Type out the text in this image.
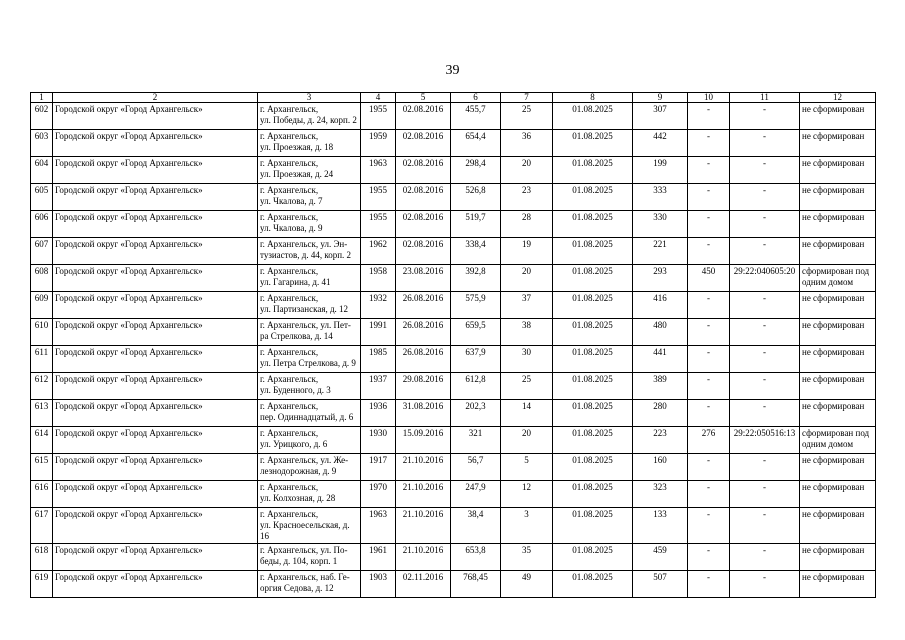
39
1	2	3	4	5	6	7	8	9	10	11	12
602	Городской округ «Город Архангельск»	г. Архангельск,
ул. Победы, д. 24, корп. 2	1955	02.08.2016	455,7	25	01.08.2025	307	-	-	не сформирован
603	Городской округ «Город Архангельск»	г. Архангельск,
ул. Проезжая, д. 18	1959	02.08.2016	654,4	36	01.08.2025	442	-	-	не сформирован
604	Городской округ «Город Архангельск»	г. Архангельск,
ул. Проезжая, д. 24	1963	02.08.2016	298,4	20	01.08.2025	199	-	-	не сформирован
605	Городской округ «Город Архангельск»	г. Архангельск,
ул. Чкалова, д. 7	1955	02.08.2016	526,8	23	01.08.2025	333	-	-	не сформирован
606	Городской округ «Город Архангельск»	г. Архангельск,
ул. Чкалова, д. 9	1955	02.08.2016	519,7	28	01.08.2025	330	-	-	не сформирован
607	Городской округ «Город Архангельск»	г. Архангельск, ул. Эн-
тузиастов, д. 44, корп. 2	1962	02.08.2016	338,4	19	01.08.2025	221	-	-	не сформирован
608	Городской округ «Город Архангельск»	г. Архангельск,
ул. Гагарина, д. 41	1958	23.08.2016	392,8	20	01.08.2025	293	450	29:22:040605:20	сформирован под
одним домом
609	Городской округ «Город Архангельск»	г. Архангельск,
ул. Партизанская, д. 12	1932	26.08.2016	575,9	37	01.08.2025	416	-	-	не сформирован
610	Городской округ «Город Архангельск»	г. Архангельск, ул. Пет-
ра Стрелкова, д. 14	1991	26.08.2016	659,5	38	01.08.2025	480	-	-	не сформирован
611	Городской округ «Город Архангельск»	г. Архангельск,
ул. Петра Стрелкова, д. 9	1985	26.08.2016	637,9	30	01.08.2025	441	-	-	не сформирован
612	Городской округ «Город Архангельск»	г. Архангельск,
ул. Буденного, д. 3	1937	29.08.2016	612,8	25	01.08.2025	389	-	-	не сформирован
613	Городской округ «Город Архангельск»	г. Архангельск,
пер. Одиннадцатый, д. 6	1936	31.08.2016	202,3	14	01.08.2025	280	-	-	не сформирован
614	Городской округ «Город Архангельск»	г. Архангельск,
ул. Урицкого, д. 6	1930	15.09.2016	321	20	01.08.2025	223	276	29:22:050516:13	сформирован под
одним домом
615	Городской округ «Город Архангельск»	г. Архангельск, ул. Же-
лезнодорожная, д. 9	1917	21.10.2016	56,7	5	01.08.2025	160	-	-	не сформирован
616	Городской округ «Город Архангельск»	г. Архангельск,
ул. Колхозная, д. 28	1970	21.10.2016	247,9	12	01.08.2025	323	-	-	не сформирован
617	Городской округ «Город Архангельск»	г. Архангельск,
ул. Красноесельская, д. 16	1963	21.10.2016	38,4	3	01.08.2025	133	-	-	не сформирован
618	Городской округ «Город Архангельск»	г. Архангельск, ул. По-
беды, д. 104, корп. 1	1961	21.10.2016	653,8	35	01.08.2025	459	-	-	не сформирован
619	Городской округ «Город Архангельск»	г. Архангельск, наб. Ге-
оргия Седова, д. 12	1903	02.11.2016	768,45	49	01.08.2025	507	-	-	не сформирован
